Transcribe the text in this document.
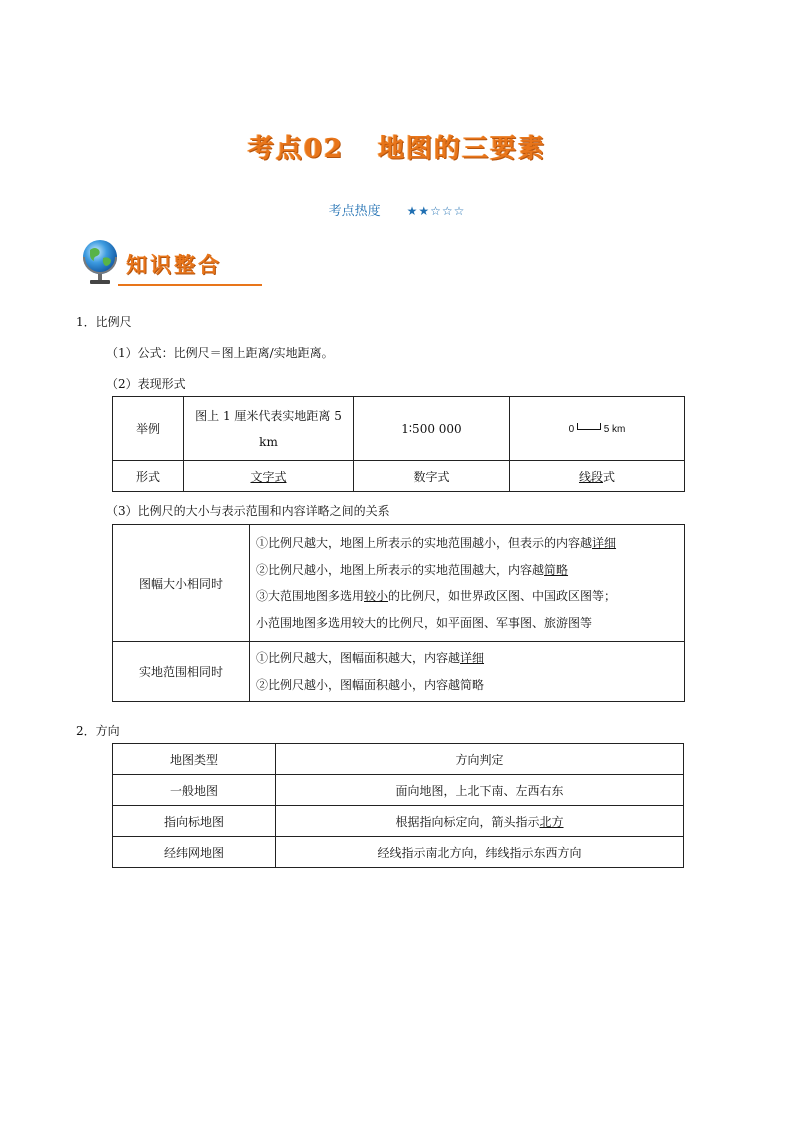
考点02 地图的三要素
考点热度 ★★☆☆☆
知识整合
1．比例尺
（1）公式：比例尺＝图上距离/实地距离。
（2）表现形式
举例	图上 1 厘米代表实地距离 5 km	1∶500 000	0 5 km
形式	文字式	数字式	线段式
（3）比例尺的大小与表示范围和内容详略之间的关系
图幅大小相同时	①比例尺越大，地图上所表示的实地范围越小，但表示的内容越详细
②比例尺越小，地图上所表示的实地范围越大，内容越简略
③大范围地图多选用较小的比例尺，如世界政区图、中国政区图等；
小范围地图多选用较大的比例尺，如平面图、军事图、旅游图等

实地范围相同时	①比例尺越大，图幅面积越大，内容越详细
②比例尺越小，图幅面积越小，内容越简略
2．方向
地图类型	方向判定
一般地图	面向地图，上北下南、左西右东
指向标地图	根据指向标定向，箭头指示北方
经纬网地图	经线指示南北方向，纬线指示东西方向
